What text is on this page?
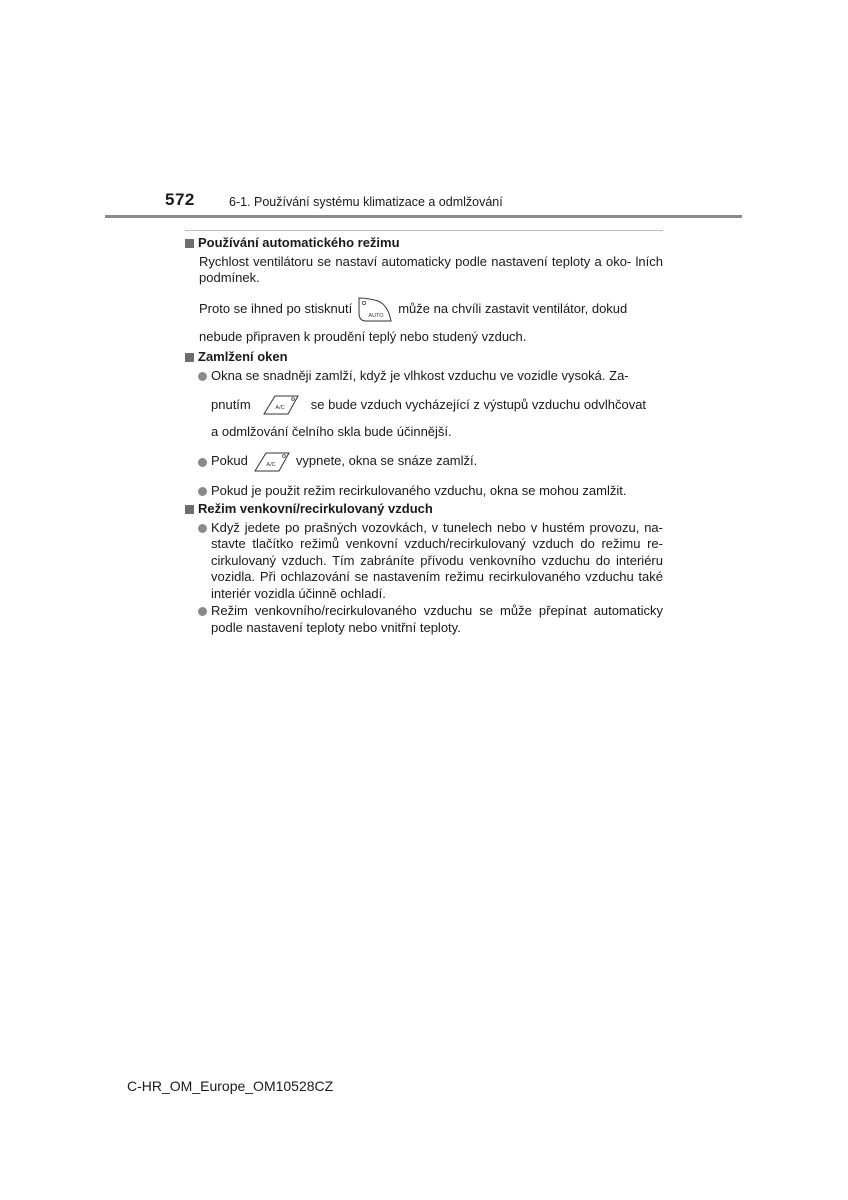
572	6-1. Používání systému klimatizace a odmlžování
Používání automatického režimu

Rychlost ventilátoru se nastaví automaticky podle nastavení teploty a oko- lních podmínek.

Proto se ihned po stisknutí	AUTO může na chvíli zastavit ventilátor, dokud

nebude připraven k proudění teplý nebo studený vzduch.

Zamlžení oken
Okna se snadněji zamlží, když je vlhkost vzduchu ve vozidle vysoká. Za-
pnutím	A/C se bude vzduch vycházející z výstupů vzduchu odvlhčovat
a odmlžování čelního skla bude účinnější.
Pokud	A/C vypnete, okna se snáze zamlží.
Pokud je použit režim recirkulovaného vzduchu, okna se mohou zamlžit.
Režim venkovní/recirkulovaný vzduch
Když jedete po prašných vozovkách, v tunelech nebo v hustém provozu, na- stavte tlačítko režimů venkovní vzduch/recirkulovaný vzduch do režimu re- cirkulovaný vzduch. Tím zabráníte přívodu venkovního vzduchu do interiéru vozidla. Při ochlazování se nastavením režimu recirkulovaného vzduchu také interiér vozidla účinně ochladí.
Režim venkovního/recirkulovaného vzduchu se může přepínat automaticky podle nastavení teploty nebo vnitřní teploty.
C-HR_OM_Europe_OM10528CZ
